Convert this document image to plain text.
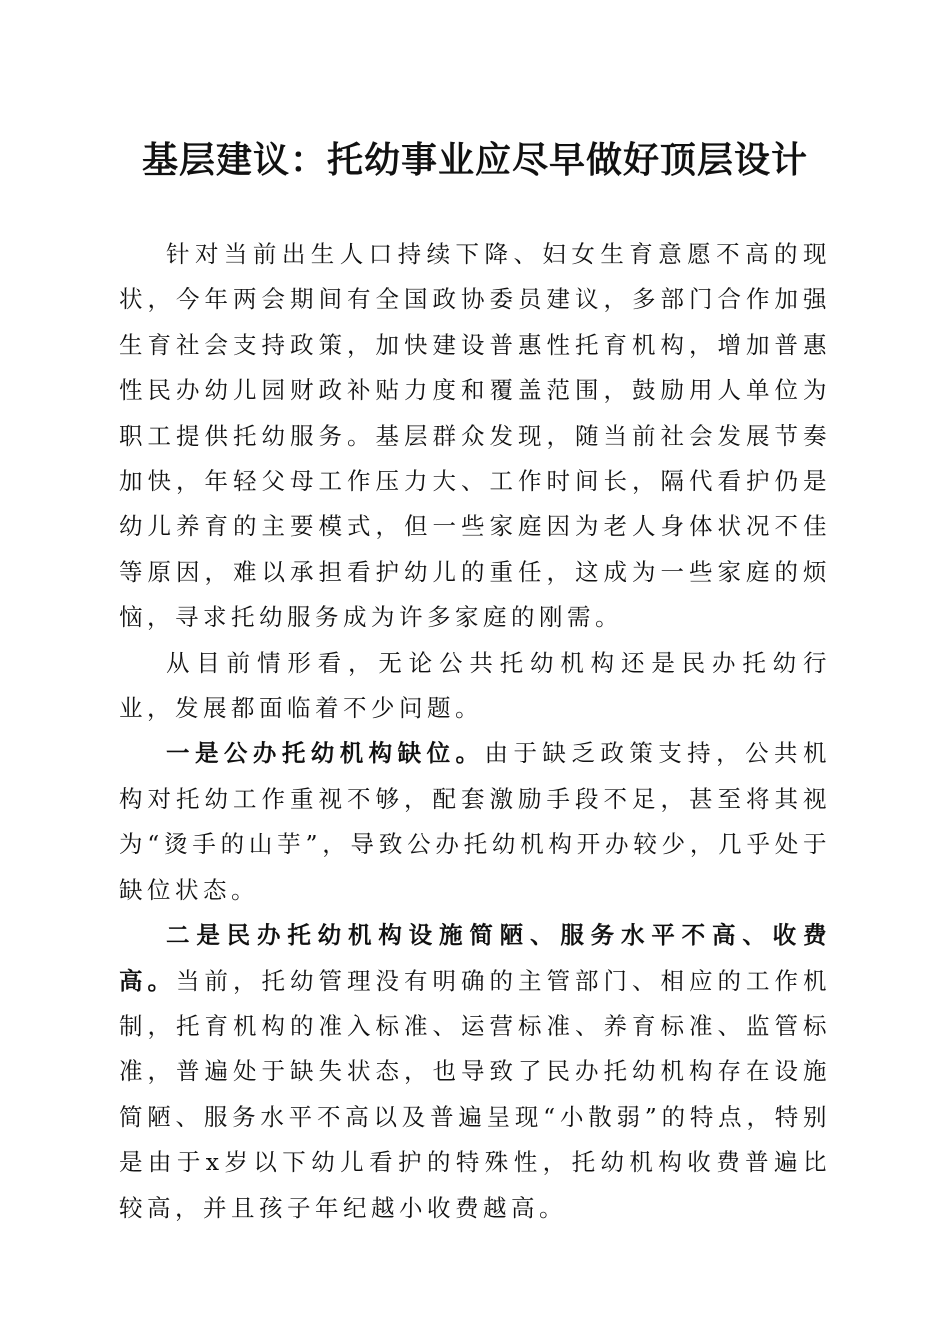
基层建议：托幼事业应尽早做好顶层设计

针对当前出生人口持续下降、妇女生育意愿不高的现状，今年两会期间有全国政协委员建议，多部门合作加强生育社会支持政策，加快建设普惠性托育机构，增加普惠性民办幼儿园财政补贴力度和覆盖范围，鼓励用人单位为职工提供托幼服务。基层群众发现，随当前社会发展节奏加快，年轻父母工作压力大、工作时间长，隔代看护仍是幼儿养育的主要模式，但一些家庭因为老人身体状况不佳等原因，难以承担看护幼儿的重任，这成为一些家庭的烦恼，寻求托幼服务成为许多家庭的刚需。

从目前情形看，无论公共托幼机构还是民办托幼行业，发展都面临着不少问题。

一是公办托幼机构缺位。由于缺乏政策支持，公共机构对托幼工作重视不够，配套激励手段不足，甚至将其视为“烫手的山芋”，导致公办托幼机构开办较少，几乎处于缺位状态。

二是民办托幼机构设施简陋、服务水平不高、收费高。当前，托幼管理没有明确的主管部门、相应的工作机制，托育机构的准入标准、运营标准、养育标准、监管标准，普遍处于缺失状态，也导致了民办托幼机构存在设施简陋、服务水平不高以及普遍呈现“小散弱”的特点，特别是由于x岁以下幼儿看护的特殊性，托幼机构收费普遍比较高，并且孩子年纪越小收费越高。
